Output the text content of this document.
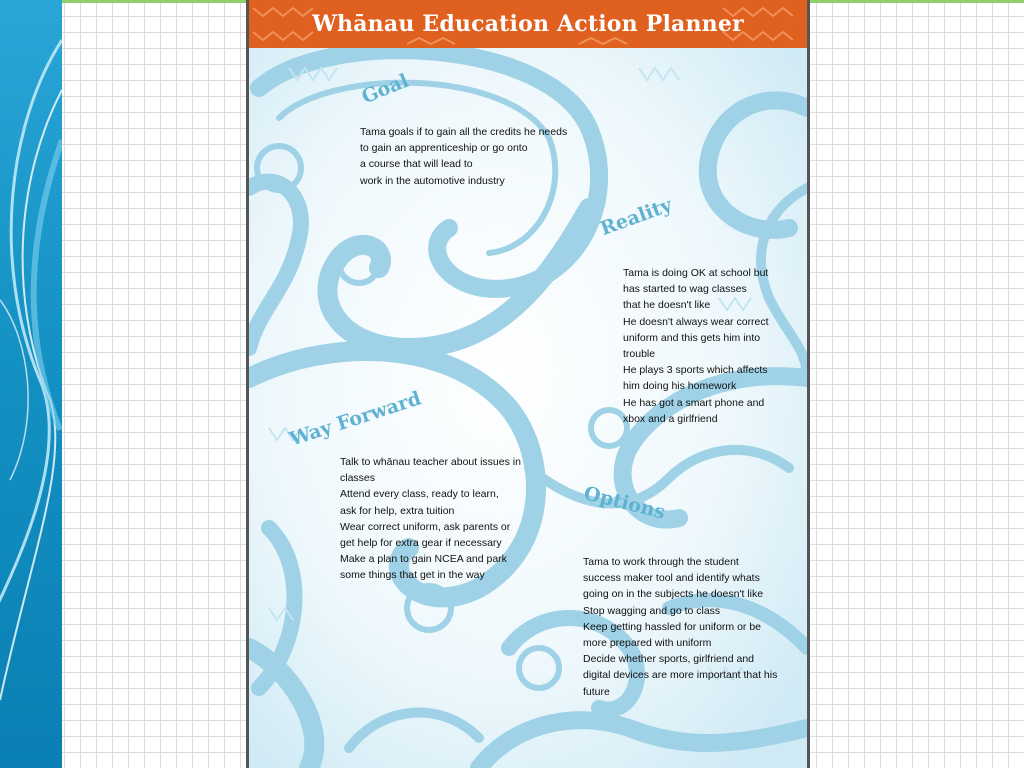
Whānau Education Action Planner
Goal
Tama goals if to gain all the credits he needs
to gain an apprenticeship or go onto
a course that will lead to
work in the automotive industry
Reality
Tama is doing OK at school but
has started to wag classes
that he doesn't like
He doesn't always wear correct
uniform and this gets him into
trouble
He plays 3 sports which affects
him doing his homework
He has got a smart phone and
xbox and a girlfriend
Way Forward
Talk to whānau teacher about issues in
classes
Attend every class, ready to learn,
ask for help, extra tuition
Wear correct uniform, ask parents or
get help for extra gear if necessary
Make a plan to gain NCEA and park
some things that get in the way
Options
Tama to work through the student
success maker tool and identify whats
going on in the subjects he doesn't like
Stop wagging and go to class
Keep getting hassled for uniform or be
more prepared with uniform
Decide whether sports, girlfriend and
digital devices are more important that his
future
